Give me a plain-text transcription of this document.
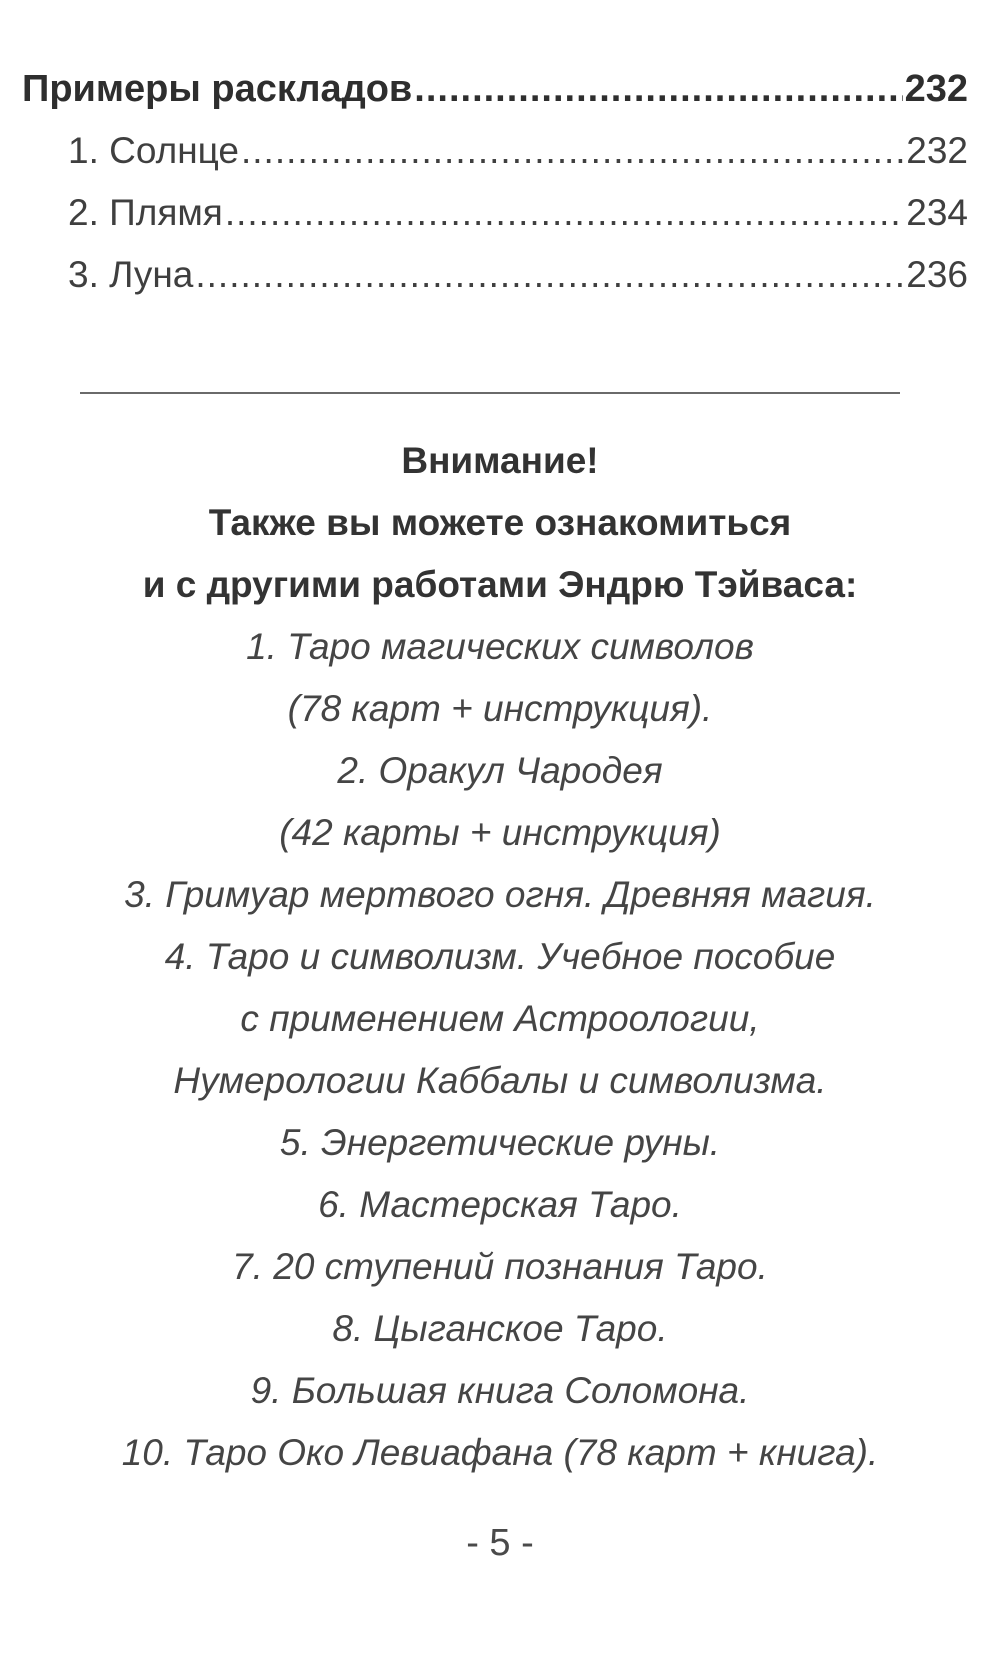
Примеры раскладов .....	232
1. Солнце .....	232
2. Плямя .....	234
3. Луна .....	236
Внимание!
Также вы можете ознакомиться
и с другими работами Эндрю Тэйваса:
1. Таро магических символов
(78 карт + инструкция).
2. Оракул Чародея
(42 карты + инструкция)
3. Гримуар мертвого огня. Древняя магия.
4. Таро и символизм. Учебное пособие
с применением Астроологии,
Нумерологии Каббалы и символизма.
5. Энергетические руны.
6. Мастерская Таро.
7. 20 ступений познания Таро.
8. Цыганское Таро.
9. Большая книга Соломона.
10. Таро Око Левиафана (78 карт + книга).
- 5 -
